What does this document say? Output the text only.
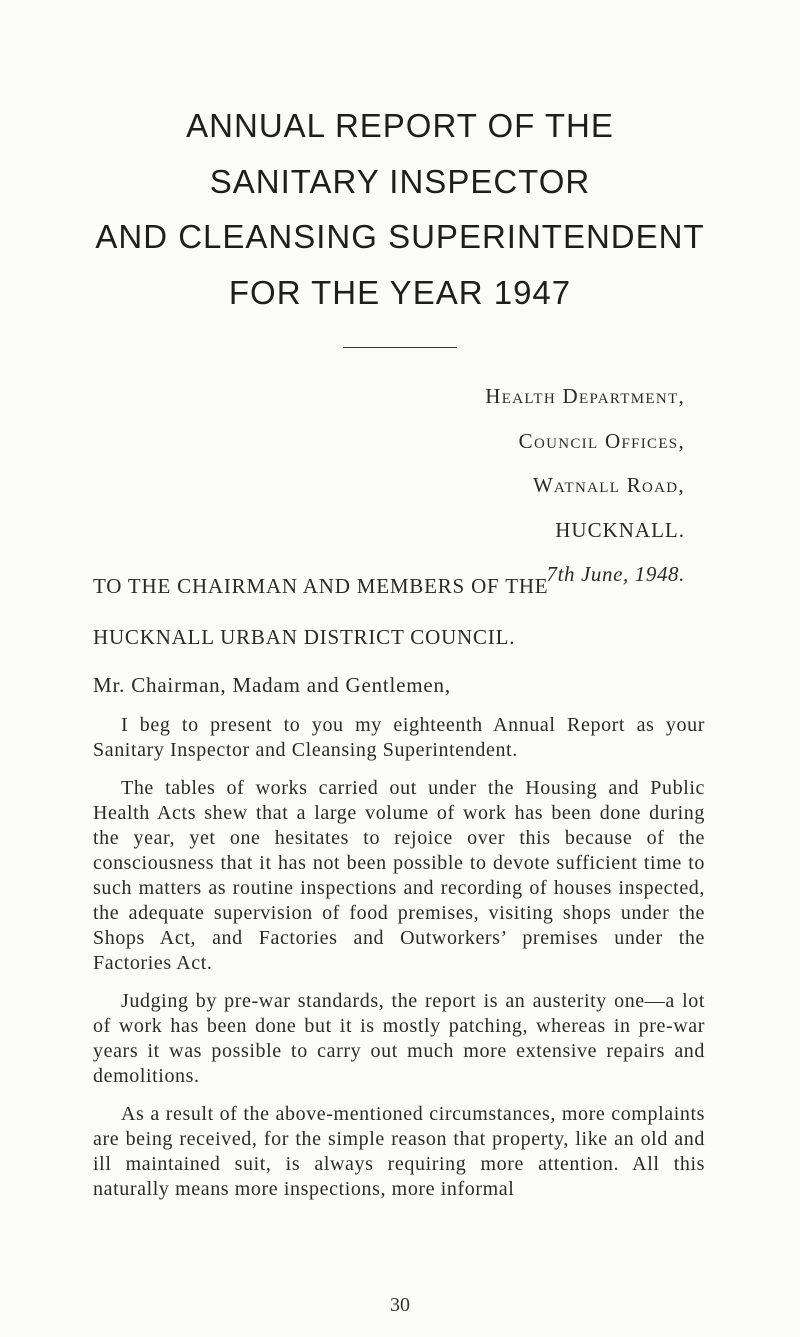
ANNUAL REPORT OF THE
SANITARY INSPECTOR
AND CLEANSING SUPERINTENDENT
FOR THE YEAR 1947
Health Department,
Council Offices,
Watnall Road,
HUCKNALL.
7th June, 1948.
TO THE CHAIRMAN AND MEMBERS OF THE
HUCKNALL URBAN DISTRICT COUNCIL.
Mr. Chairman, Madam and Gentlemen,

I beg to present to you my eighteenth Annual Report as your Sanitary Inspector and Cleansing Superintendent.

The tables of works carried out under the Housing and Public Health Acts shew that a large volume of work has been done during the year, yet one hesitates to rejoice over this because of the consciousness that it has not been possible to devote sufficient time to such matters as routine inspections and recording of houses inspected, the adequate supervision of food premises, visiting shops under the Shops Act, and Factories and Outworkers’ premises under the Factories Act.

Judging by pre-war standards, the report is an austerity one—a lot of work has been done but it is mostly patching, whereas in pre-war years it was possible to carry out much more extensive repairs and demolitions.

As a result of the above-mentioned circumstances, more complaints are being received, for the simple reason that property, like an old and ill maintained suit, is always requiring more attention. All this naturally means more inspections, more informal

30
